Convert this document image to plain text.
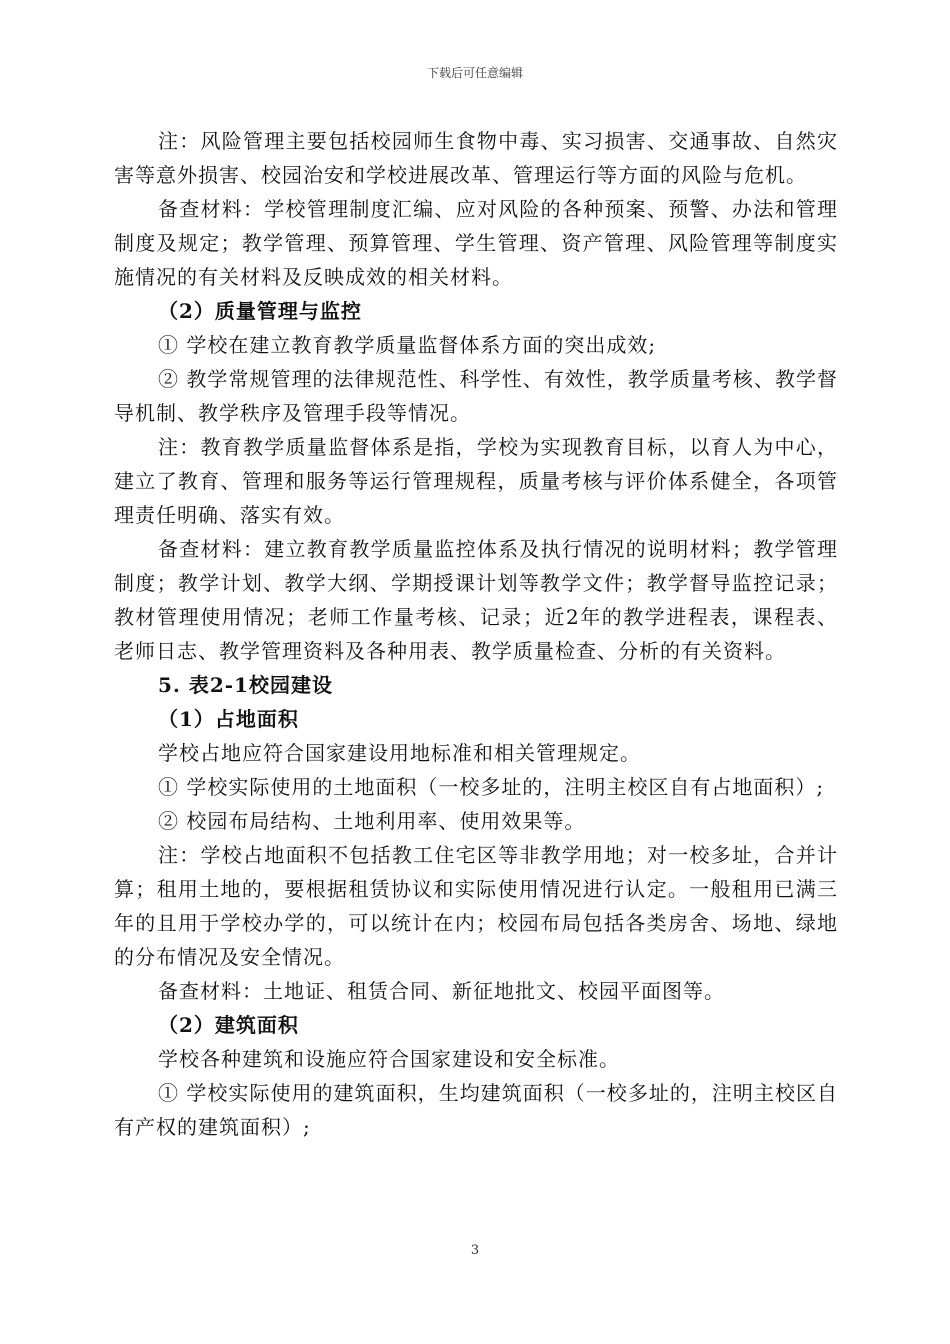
下载后可任意编辑

注：风险管理主要包括校园师生食物中毒、实习损害、交通事故、自然灾害等意外损害、校园治安和学校进展改革、管理运行等方面的风险与危机。

备查材料：学校管理制度汇编、应对风险的各种预案、预警、办法和管理制度及规定；教学管理、预算管理、学生管理、资产管理、风险管理等制度实施情况的有关材料及反映成效的相关材料。

（2）质量管理与监控

① 学校在建立教育教学质量监督体系方面的突出成效;

② 教学常规管理的法律规范性、科学性、有效性，教学质量考核、教学督导机制、教学秩序及管理手段等情况。

注：教育教学质量监督体系是指，学校为实现教育目标，以育人为中心，建立了教育、管理和服务等运行管理规程，质量考核与评价体系健全，各项管理责任明确、落实有效。

备查材料：建立教育教学质量监控体系及执行情况的说明材料；教学管理制度；教学计划、教学大纲、学期授课计划等教学文件；教学督导监控记录；教材管理使用情况；老师工作量考核、记录；近2年的教学进程表，课程表、老师日志、教学管理资料及各种用表、教学质量检查、分析的有关资料。

5. 表2-1校园建设

（1）占地面积

学校占地应符合国家建设用地标准和相关管理规定。

① 学校实际使用的土地面积（一校多址的，注明主校区自有占地面积）;

② 校园布局结构、土地利用率、使用效果等。

注：学校占地面积不包括教工住宅区等非教学用地；对一校多址，合并计算；租用土地的，要根据租赁协议和实际使用情况进行认定。一般租用已满三年的且用于学校办学的，可以统计在内；校园布局包括各类房舍、场地、绿地的分布情况及安全情况。

备查材料：土地证、租赁合同、新征地批文、校园平面图等。

（2）建筑面积

学校各种建筑和设施应符合国家建设和安全标准。

① 学校实际使用的建筑面积，生均建筑面积（一校多址的，注明主校区自有产权的建筑面积）;

3
